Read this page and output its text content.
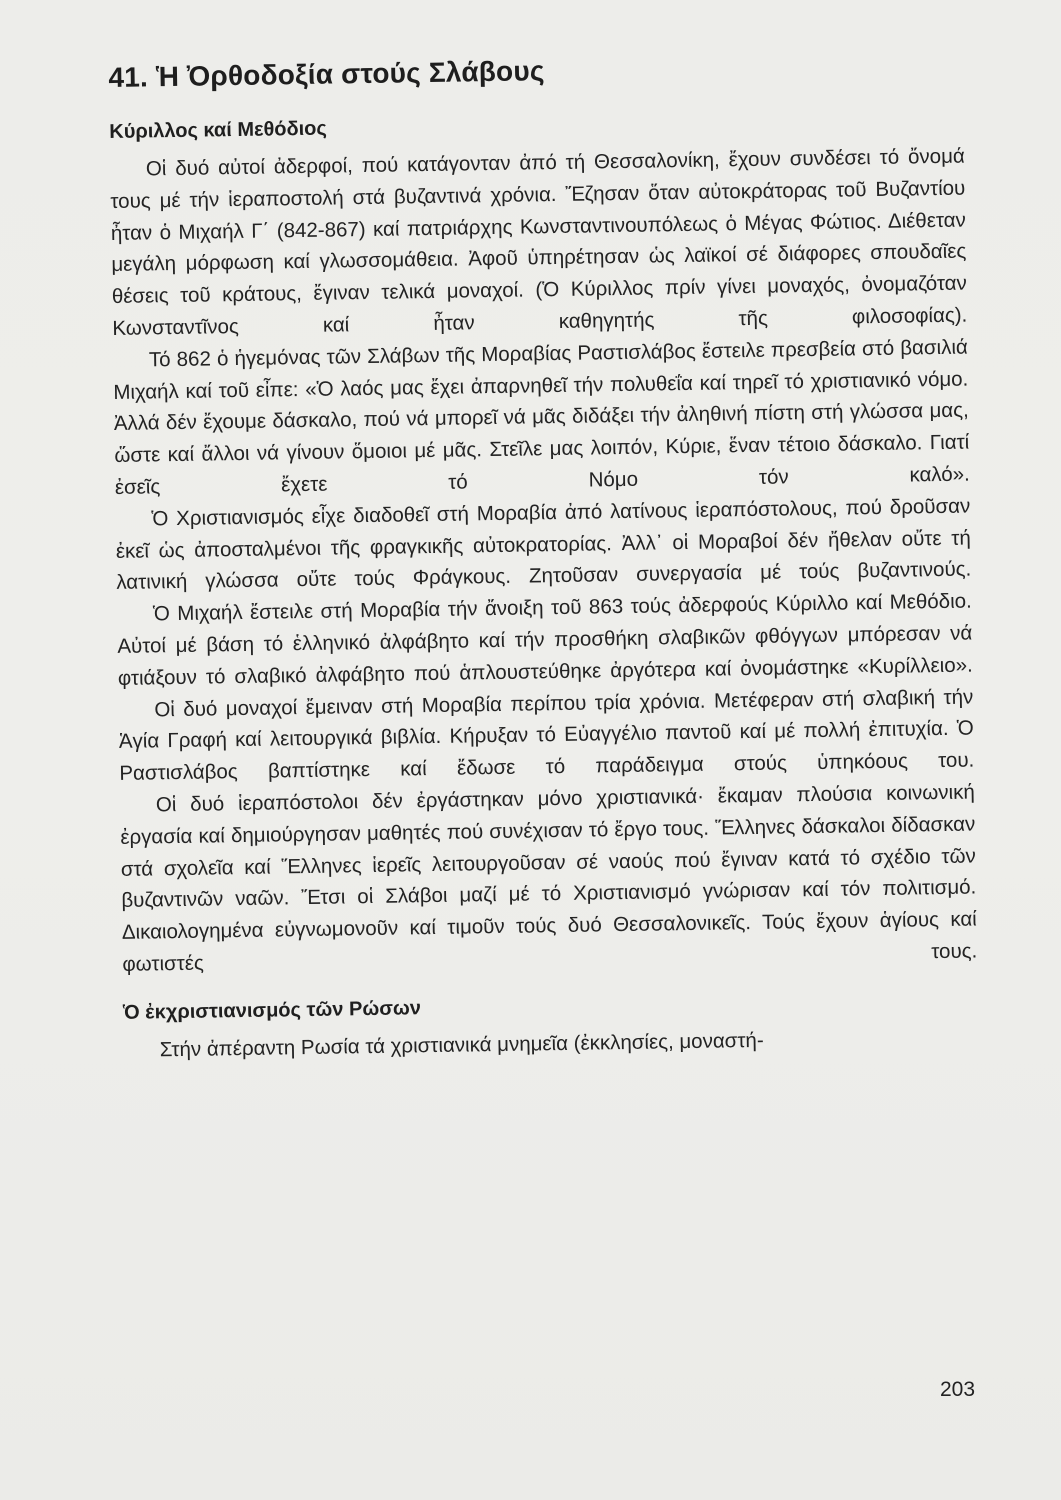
41. Ἡ Ὀρθοδοξία στούς Σλάβους
Κύριλλος καί Μεθόδιος

Οἱ δυό αὐτοί ἀδερφοί, πού κατάγονταν ἀπό τή Θεσσαλονίκη, ἔχουν συνδέσει τό ὄνομά τους μέ τήν ἱεραποστολή στά βυζαντινά χρόνια. Ἔζησαν ὅταν αὐτοκράτορας τοῦ Βυζαντίου ἦταν ὁ Μιχαήλ Γ΄ (842-867) καί πατριάρχης Κωνσταντινουπόλεως ὁ Μέγας Φώτιος. Διέθεταν μεγάλη μόρφωση καί γλωσσομάθεια. Ἀφοῦ ὑπηρέτησαν ὡς λαϊκοί σέ διάφορες σπουδαῖες θέσεις τοῦ κράτους, ἔγιναν τελικά μοναχοί. (Ὁ Κύριλλος πρίν γίνει μοναχός, ὀνομαζόταν Κωνσταντῖνος καί ἦταν καθηγητής τῆς φιλοσοφίας).

Τό 862 ὁ ἡγεμόνας τῶν Σλάβων τῆς Μοραβίας Ραστισλάβος ἔστειλε πρεσβεία στό βασιλιά Μιχαήλ καί τοῦ εἶπε: «Ὁ λαός μας ἔχει ἀπαρνηθεῖ τήν πολυθεΐα καί τηρεῖ τό χριστιανικό νόμο. Ἀλλά δέν ἔχουμε δάσκαλο, πού νά μπορεῖ νά μᾶς διδάξει τήν ἀληθινή πίστη στή γλώσσα μας, ὥστε καί ἄλλοι νά γίνουν ὅμοιοι μέ μᾶς. Στεῖλε μας λοιπόν, Κύριε, ἕναν τέτοιο δάσκαλο. Γιατί ἐσεῖς ἔχετε τό Νόμο τόν καλό».

Ὁ Χριστιανισμός εἶχε διαδοθεῖ στή Μοραβία ἀπό λατίνους ἱεραπόστολους, πού δροῦσαν ἐκεῖ ὡς ἀποσταλμένοι τῆς φραγκικῆς αὐτοκρατορίας. Ἀλλ᾽ οἱ Μοραβοί δέν ἤθελαν οὔτε τή λατινική γλώσσα οὔτε τούς Φράγκους. Ζητοῦσαν συνεργασία μέ τούς βυζαντινούς.

Ὁ Μιχαήλ ἔστειλε στή Μοραβία τήν ἄνοιξη τοῦ 863 τούς ἀδερφούς Κύριλλο καί Μεθόδιο. Αὐτοί μέ βάση τό ἑλληνικό ἀλφάβητο καί τήν προσθήκη σλαβικῶν φθόγγων μπόρεσαν νά φτιάξουν τό σλαβικό ἀλφάβητο πού ἁπλουστεύθηκε ἀργότερα καί ὀνομάστηκε «Κυρίλλειο».

Οἱ δυό μοναχοί ἔμειναν στή Μοραβία περίπου τρία χρόνια. Μετέφεραν στή σλαβική τήν Ἁγία Γραφή καί λειτουργικά βιβλία. Κήρυξαν τό Εὐαγγέλιο παντοῦ καί μέ πολλή ἐπιτυχία. Ὁ Ραστισλάβος βαπτίστηκε καί ἔδωσε τό παράδειγμα στούς ὑπηκόους του.

Οἱ δυό ἱεραπόστολοι δέν ἐργάστηκαν μόνο χριστιανικά· ἔκαμαν πλούσια κοινωνική ἐργασία καί δημιούργησαν μαθητές πού συνέχισαν τό ἔργο τους. Ἕλληνες δάσκαλοι δίδασκαν στά σχολεῖα καί Ἕλληνες ἱερεῖς λειτουργοῦσαν σέ ναούς πού ἔγιναν κατά τό σχέδιο τῶν βυζαντινῶν ναῶν. Ἔτσι οἱ Σλάβοι μαζί μέ τό Χριστιανισμό γνώρισαν καί τόν πολιτισμό. Δικαιολογημένα εὐγνωμονοῦν καί τιμοῦν τούς δυό Θεσσαλονικεῖς. Τούς ἔχουν ἁγίους καί φωτιστές τους.

Ὁ ἐκχριστιανισμός τῶν Ρώσων

Στήν ἀπέραντη Ρωσία τά χριστιανικά μνημεῖα (ἐκκλησίες, μοναστή-

203
